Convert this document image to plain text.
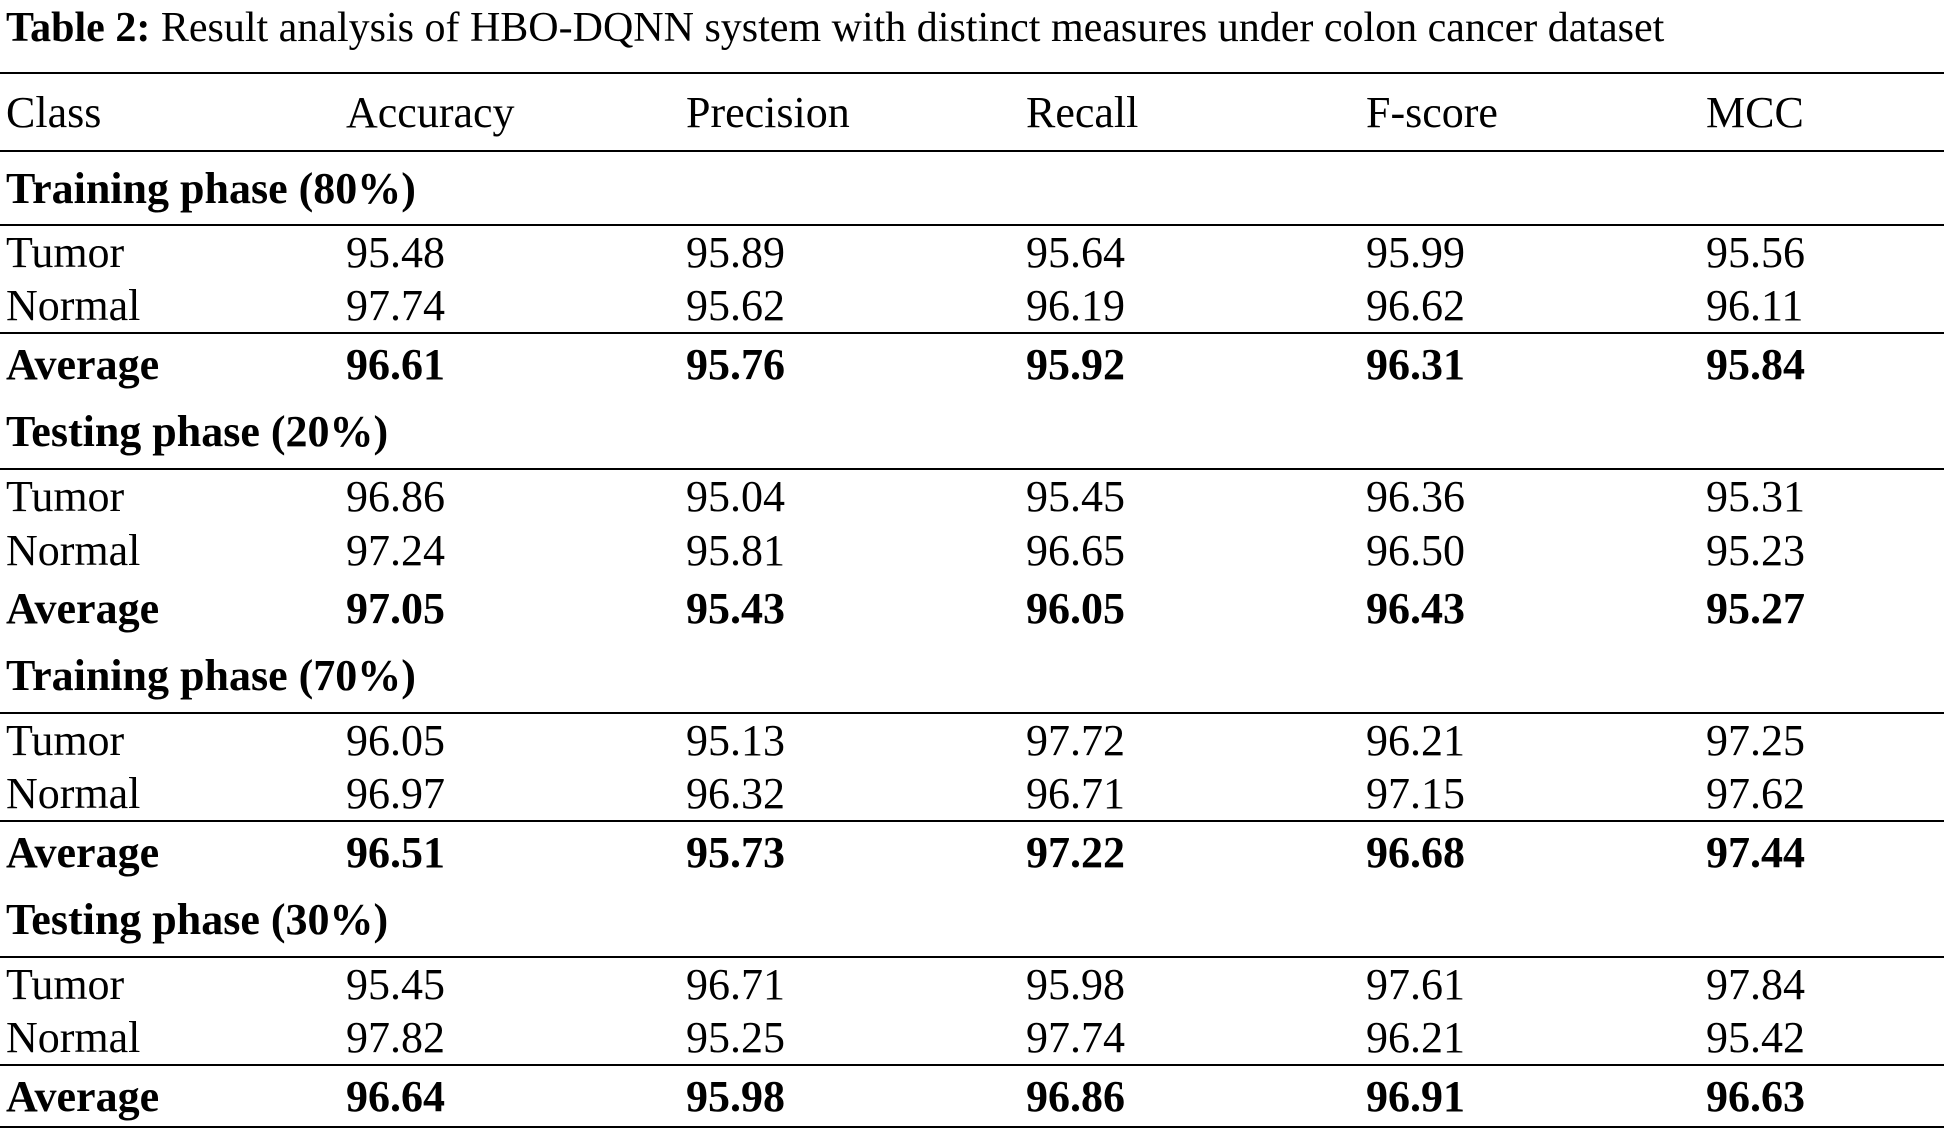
Table 2: Result analysis of HBO-DQNN system with distinct measures under colon cancer dataset
Class	Accuracy	Precision	Recall	F-score	MCC
Training phase (80%)					
Tumor	95.48	95.89	95.64	95.99	95.56
Normal	97.74	95.62	96.19	96.62	96.11
Average	96.61	95.76	95.92	96.31	95.84
Testing phase (20%)					
Tumor	96.86	95.04	95.45	96.36	95.31
Normal	97.24	95.81	96.65	96.50	95.23
Average	97.05	95.43	96.05	96.43	95.27
Training phase (70%)					
Tumor	96.05	95.13	97.72	96.21	97.25
Normal	96.97	96.32	96.71	97.15	97.62
Average	96.51	95.73	97.22	96.68	97.44
Testing phase (30%)					
Tumor	95.45	96.71	95.98	97.61	97.84
Normal	97.82	95.25	97.74	96.21	95.42
Average	96.64	95.98	96.86	96.91	96.63
